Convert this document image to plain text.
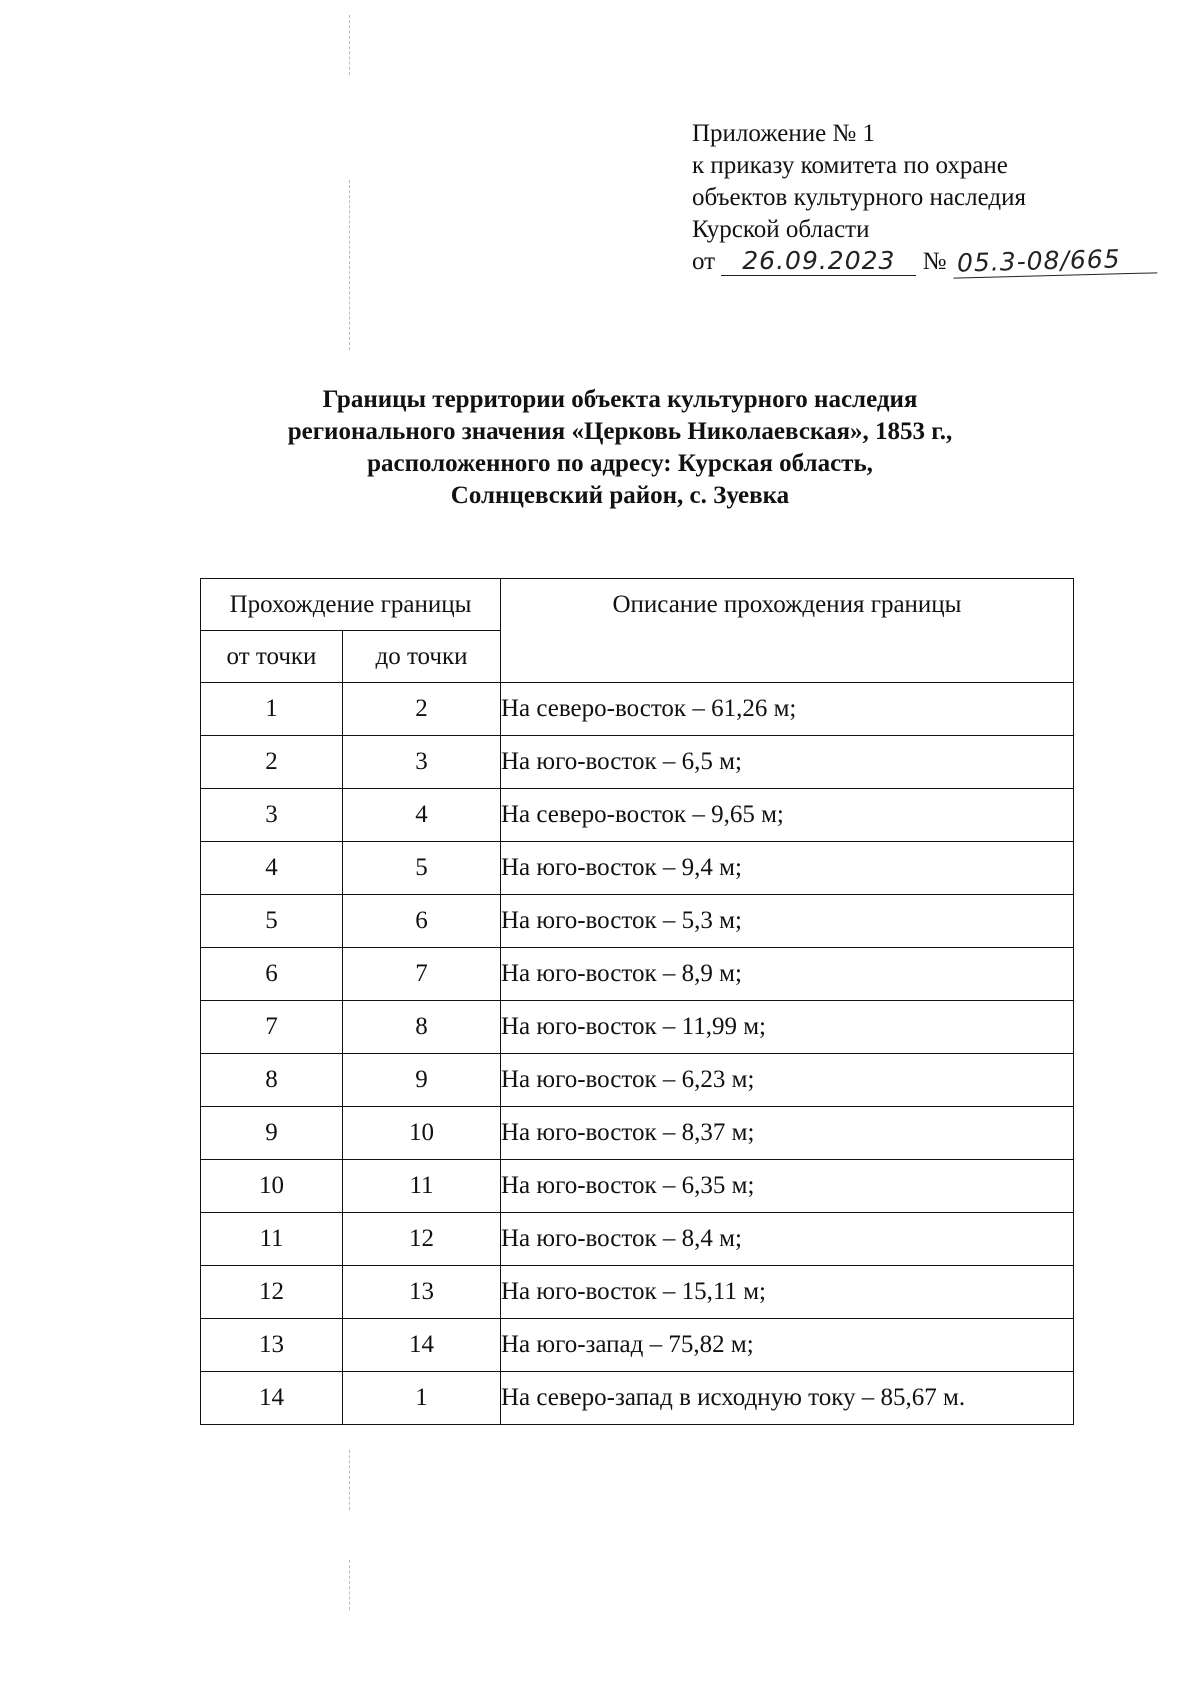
Приложение № 1
к приказу комитета по охране
объектов культурного наследия
Курской области
от 26.09.2023 № 05.3-08/665
Границы территории объекта культурного наследия
регионального значения «Церковь Николаевская», 1853 г.,
расположенного по адресу: Курская область,
Солнцевский район, с. Зуевка
Прохождение границы		Описание прохождения границы
от точки	до точки	
1	2	На северо-восток – 61,26 м;
2	3	На юго-восток – 6,5 м;
3	4	На северо-восток – 9,65 м;
4	5	На юго-восток – 9,4 м;
5	6	На юго-восток – 5,3 м;
6	7	На юго-восток – 8,9 м;
7	8	На юго-восток – 11,99 м;
8	9	На юго-восток – 6,23 м;
9	10	На юго-восток – 8,37 м;
10	11	На юго-восток – 6,35 м;
11	12	На юго-восток – 8,4 м;
12	13	На юго-восток – 15,11 м;
13	14	На юго-запад – 75,82 м;
14	1	На северо-запад в исходную току – 85,67 м.
